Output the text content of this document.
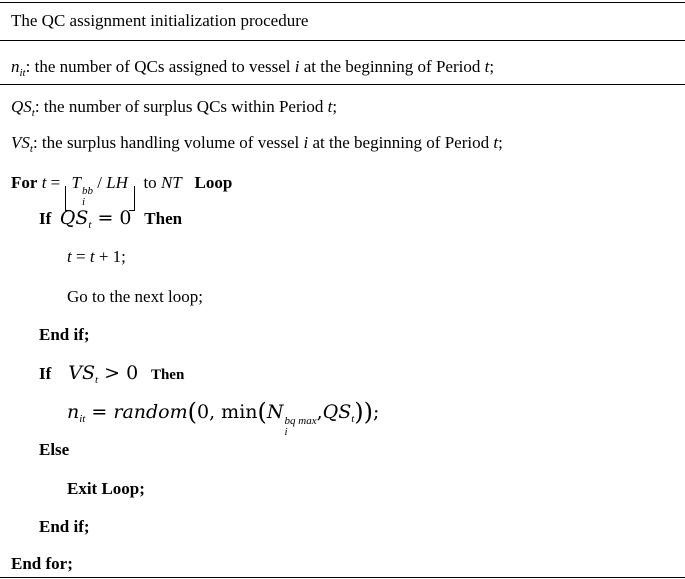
The QC assignment initialization procedure
$n_{it}$: the number of QCs assigned to vessel i at the beginning of Period t;
$QS_t$: the number of surplus QCs within Period t;
$VS_t$: the surplus handling volume of vessel i at the beginning of Period t;
For t = T bb
i
/ LH to NT Loop
If $QS_t = 0$ Then
t = t + 1;
Go to the next loop;
End if;
If $VS_t > 0$ Then
$n_{it}$ = random(0, min(N bq max
i
$,QS_t$));
Else
Exit Loop;
End if;
End for;
